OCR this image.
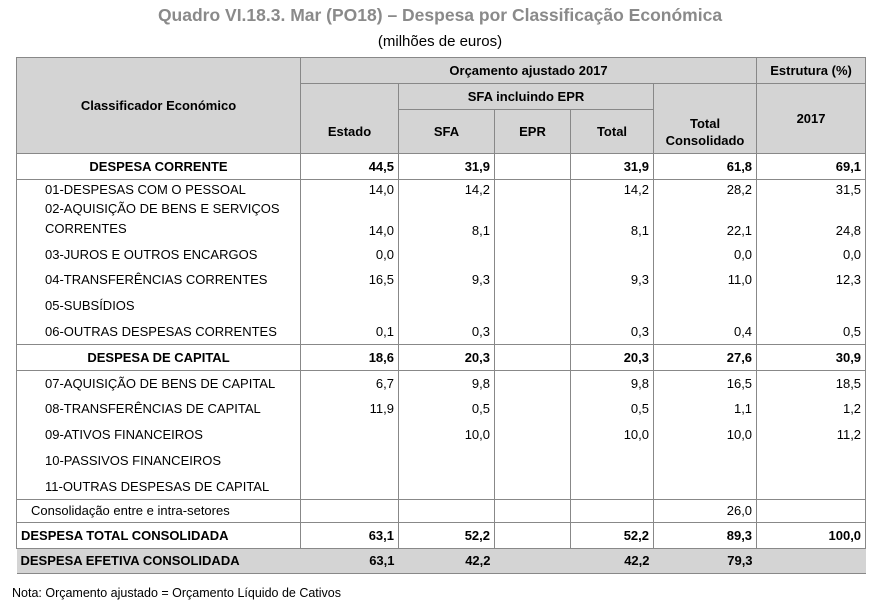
Quadro VI.18.3. Mar (PO18) – Despesa por Classificação Económica
(milhões de euros)
Classificador Económico	Orçamento ajustado 2017					Estrutura (%)
	Estado	SFA incluindo EPR			Total Consolidado	2017
		SFA	EPR	Total		
DESPESA CORRENTE	44,5	31,9		31,9	61,8	69,1
01-DESPESAS COM O PESSOAL	14,0	14,2		14,2	28,2	31,5

02-AQUISIÇÃO DE BENS E SERVIÇOS
CORRENTES	14,0	8,1		8,1	22,1	24,8
03-JUROS E OUTROS ENCARGOS	0,0				0,0	0,0
04-TRANSFERÊNCIAS CORRENTES	16,5	9,3		9,3	11,0	12,3
05-SUBSÍDIOS						
06-OUTRAS DESPESAS CORRENTES	0,1	0,3		0,3	0,4	0,5
DESPESA DE CAPITAL	18,6	20,3		20,3	27,6	30,9
07-AQUISIÇÃO DE BENS DE CAPITAL	6,7	9,8		9,8	16,5	18,5
08-TRANSFERÊNCIAS DE CAPITAL	11,9	0,5		0,5	1,1	1,2
09-ATIVOS FINANCEIROS		10,0		10,0	10,0	11,2
10-PASSIVOS FINANCEIROS						
11-OUTRAS DESPESAS DE CAPITAL						
Consolidação entre e intra-setores					26,0	
DESPESA TOTAL CONSOLIDADA	63,1	52,2		52,2	89,3	100,0
DESPESA EFETIVA CONSOLIDADA	63,1	42,2		42,2	79,3	
Nota: Orçamento ajustado = Orçamento Líquido de Cativos
